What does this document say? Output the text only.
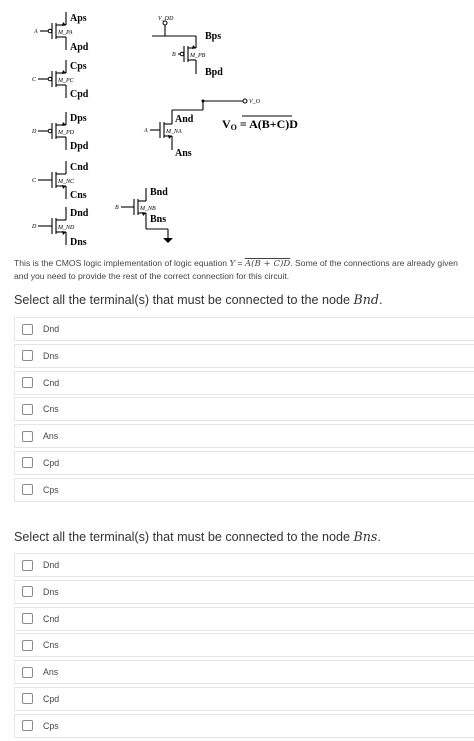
Aps
Apd
Cps
Cpd
Dps
Dpd
Cnd
Cns
Dnd
Dns
Bps
Bpd
And
Ans
Bnd
Bns
A
C
D
C
D
B
A
B
M_PA
M_PC
M_PD
M_NC
M_ND
M_PB
M_NA
M_NB
V_DD
V_O
VO = A(B+C)D
This is the CMOS logic implementation of logic equation Y = A(B + C)D. Some of the connections are already given and you need to provide the rest of the correct connection for this circuit.
Select all the terminal(s) that must be connected to the node Bnd.
Dnd
Dns
Cnd
Cns
Ans
Cpd
Cps
Select all the terminal(s) that must be connected to the node Bns.
Dnd
Dns
Cnd
Cns
Ans
Cpd
Cps
